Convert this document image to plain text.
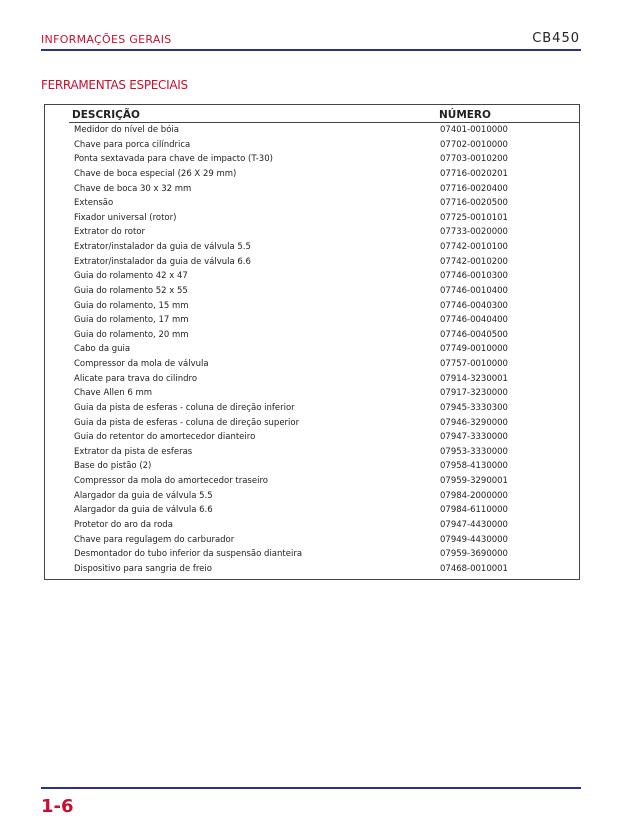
INFORMAÇÕES GERAIS	CB450
FERRAMENTAS ESPECIAIS
DESCRIÇÃO	NÚMERO
Medidor do nível de bóia	07401-0010000
Chave para porca cilíndrica	07702-0010000
Ponta sextavada para chave de impacto (T-30)	07703-0010200
Chave de boca especial (26 X 29 mm)	07716-0020201
Chave de boca 30 x 32 mm	07716-0020400
Extensão	07716-0020500
Fixador universal (rotor)	07725-0010101
Extrator do rotor	07733-0020000
Extrator/instalador da guia de válvula 5.5	07742-0010100
Extrator/instalador da guia de válvula 6.6	07742-0010200
Guia do rolamento 42 x 47	07746-0010300
Guia do rolamento 52 x 55	07746-0010400
Guia do rolamento, 15 mm	07746-0040300
Guia do rolamento, 17 mm	07746-0040400
Guia do rolamento, 20 mm	07746-0040500
Cabo da guia	07749-0010000
Compressor da mola de válvula	07757-0010000
Alicate para trava do cilindro	07914-3230001
Chave Allen 6 mm	07917-3230000
Guia da pista de esferas - coluna de direção inferior	07945-3330300
Guia da pista de esferas - coluna de direção superior	07946-3290000
Guia do retentor do amortecedor dianteiro	07947-3330000
Extrator da pista de esferas	07953-3330000
Base do pistão (2)	07958-4130000
Compressor da mola do amortecedor traseiro	07959-3290001
Alargador da guia de válvula 5.5	07984-2000000
Alargador da guia de válvula 6.6	07984-6110000
Protetor do aro da roda	07947-4430000
Chave para regulagem do carburador	07949-4430000
Desmontador do tubo inferior da suspensão dianteira	07959-3690000
Dispositivo para sangria de freio	07468-0010001
1-6
